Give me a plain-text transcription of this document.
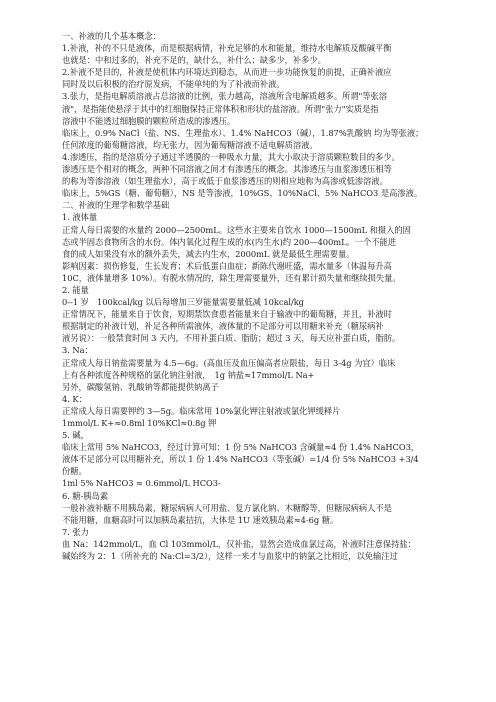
一、补液的几个基本概念：
1.补液，补的不只是液体，而是根据病情，补充足够的水和能量，维持水电解质及酸碱平衡
也就是：中和过多的，补充不足的，缺什么，补什么；缺多少，补多少。
2.补液不是目的，补液是使机体内环境达到稳态，从而进一步功能恢复的前提，正确补液应
同时及以后积极的治疗原发病，不能单纯的为了补液而补液。
3.张力，是指电解质溶液占总溶液的比例，张力越高，溶液所含电解质越多。所谓"等张溶
液"，是指能使悬浮于其中的红细胞保持正常体积和形状的盐溶液。所谓"张力"实质是指
溶液中不能透过细胞膜的颗粒所造成的渗透压。
临床上，0.9% NaCl（盐、NS、生理盐水）、1.4% NaHCO3（碱），1.87%乳酸钠 均为等张液；
任何浓度的葡萄糖溶液，均无张力，因为葡萄糖溶液不适电解质溶液。
4.渗透压，指的是溶质分子通过半透膜的一种吸水力量，其大小取决于溶质颗粒数目的多少。
渗透压是个相对的概念，两种不同溶液之间才有渗透压的概念。其渗透压与血浆渗透压相等
的称为等渗溶液（如生理盐水），高于或低于血浆渗透压的则相应地称为高渗或低渗溶液。
临床上，5%GS（糖、葡萄糖），NS 是等渗液，10%GS、10%NaCl、5% NaHCO3 是高渗液。
二、补液的生理学和数学基础
1. 液体量
正常人每日需要的水量约 2000—2500mL。这些水主要来自饮水 1000—1500mL 和摄入的固
态或半固态食物所含的水份。体内氧化过程生成的水(内生水)约 200—400mL。一个不能进
食的成人如果没有水的额外丢失，减去内生水，2000mL 就是最低生理需要量。
影响因素：损伤修复，生长发育；术后低蛋白血症；新陈代谢旺盛，需水量多（体温每升高
10C，液体量增多 10%）。有脱水情况的，除生理需要量外，还有累计损失量和继续损失量。
2. 能量
0--1 岁　100kcal/kg 以后每增加三岁能量需要量低减 10kcal/kg
正常情况下，能量来自于饮食，短期禁饮食患者能量来自于输液中的葡萄糖，并且，补液时
根据制定的补液计划，补足各种所需液体，液体量的不足部分可以用糖来补充（糖尿病补
液另说）：一般禁食时间 3 天内，不用补蛋白质、脂肪；超过 3 天，每天应补蛋白质，脂肪。
3. Na：
正常成人每日钠盐需要量为 4.5—6g。(高血压及血压偏高者应限盐，每日 3-4g 为宜）临床
上有各种浓度各种规格的氯化钠注射液，　1g 钠盐≈17mmol/L Na+
另外，碳酸氢钠、乳酸钠等都能提供钠离子
4. K：
正常成人每日需要钾约 3—5g。临床常用 10%氯化钾注射液或氯化钾缓释片
1mmol/L K+≈0.8ml 10%KCl≈0.8g 钾
5. 碱，
临床上常用 5% NaHCO3，经过计算可知：1 份 5% NaHCO3 含碱量≈4 份 1.4% NaHCO3，
液体不足部分可以用糖补充，所以 1 份 1.4% NaHCO3（等张碱）=1/4 份 5% NaHCO3 +3/4
份糖。
1ml 5% NaHCO3 ≈ 0.6mmol/L HCO3-
6. 糖-胰岛素
一般补液补糖不用胰岛素，糖尿病病人可用盐、复方氯化钠、木糖醇等，但糖尿病病人不是
不能用糖，血糖高时可以加胰岛素拮抗，大体是 1U 速效胰岛素≈4-6g 糖。
7. 张力
血 Na：142mmol/L，血 Cl 103mmol/L，仅补盐，显然会造成血氯过高，补液时注意保持盐：
碱始终为 2：1（所补充的 Na:Cl=3/2），这样一来才与血浆中的钠氯之比相近，以免输注过
